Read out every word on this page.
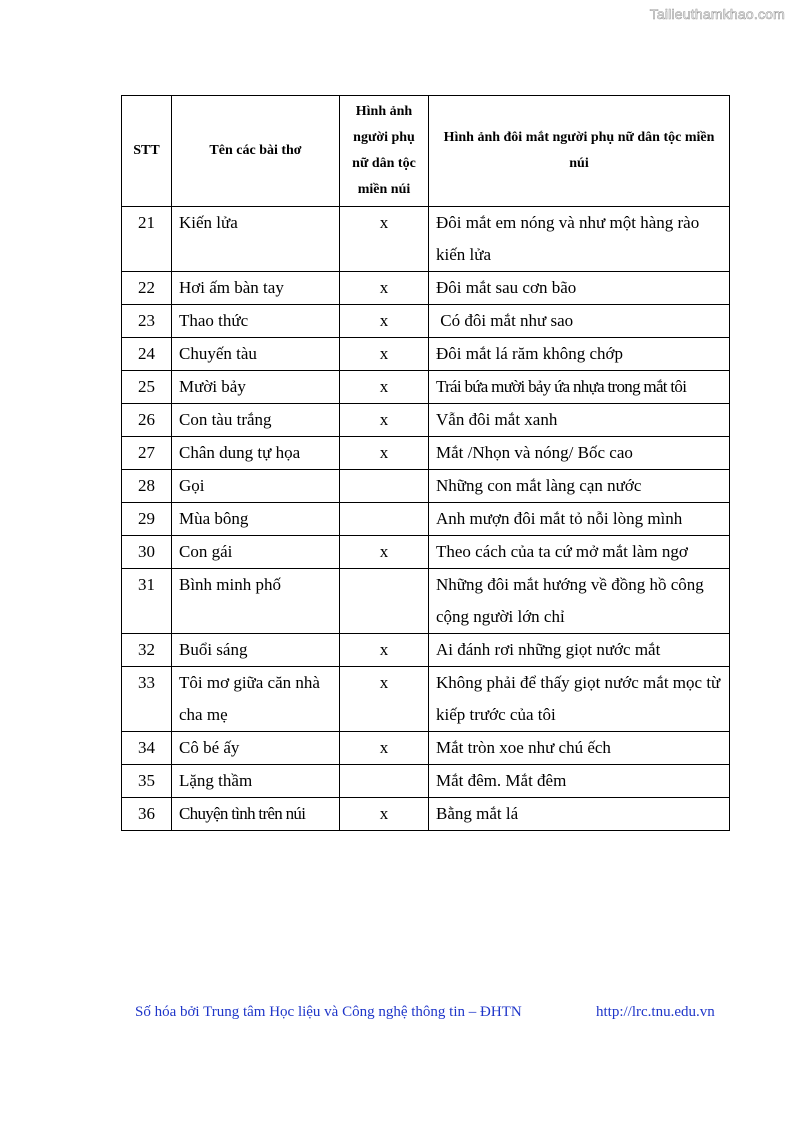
Tailieuthamkhao.com
STT	Tên các bài thơ	Hình ảnh người phụ nữ dân tộc miền núi	Hình ảnh đôi mắt người phụ nữ dân tộc miền núi
21	Kiến lửa	x	Đôi mắt em nóng và như một hàng rào kiến lửa
22	Hơi ấm bàn tay	x	Đôi mắt sau cơn bão
23	Thao thức	x	Có đôi mắt như sao
24	Chuyến tàu	x	Đôi mắt lá răm không chớp
25	Mười bảy	x	Trái bứa mười bảy ứa nhựa trong mắt tôi
26	Con tàu trắng	x	Vẫn đôi mắt xanh
27	Chân dung tự họa	x	Mắt /Nhọn và nóng/ Bốc cao
28	Gọi		Những con mắt làng cạn nước
29	Mùa bông		Anh mượn đôi mắt tỏ nỗi lòng mình
30	Con gái	x	Theo cách của ta cứ mở mắt làm ngơ
31	Bình minh phố		Những đôi mắt hướng về đồng hồ công cộng người lớn chỉ
32	Buổi sáng	x	Ai đánh rơi những giọt nước mắt
33	Tôi mơ giữa căn nhà cha mẹ	x	Không phải để thấy giọt nước mắt mọc từ kiếp trước của tôi
34	Cô bé ấy	x	Mắt tròn xoe như chú ếch
35	Lặng thầm		Mắt đêm. Mắt đêm
36	Chuyện tình trên núi	x	Bằng mắt lá
Số hóa bởi Trung tâm Học liệu và Công nghệ thông tin – ĐHTN	http://lrc.tnu.edu.vn
